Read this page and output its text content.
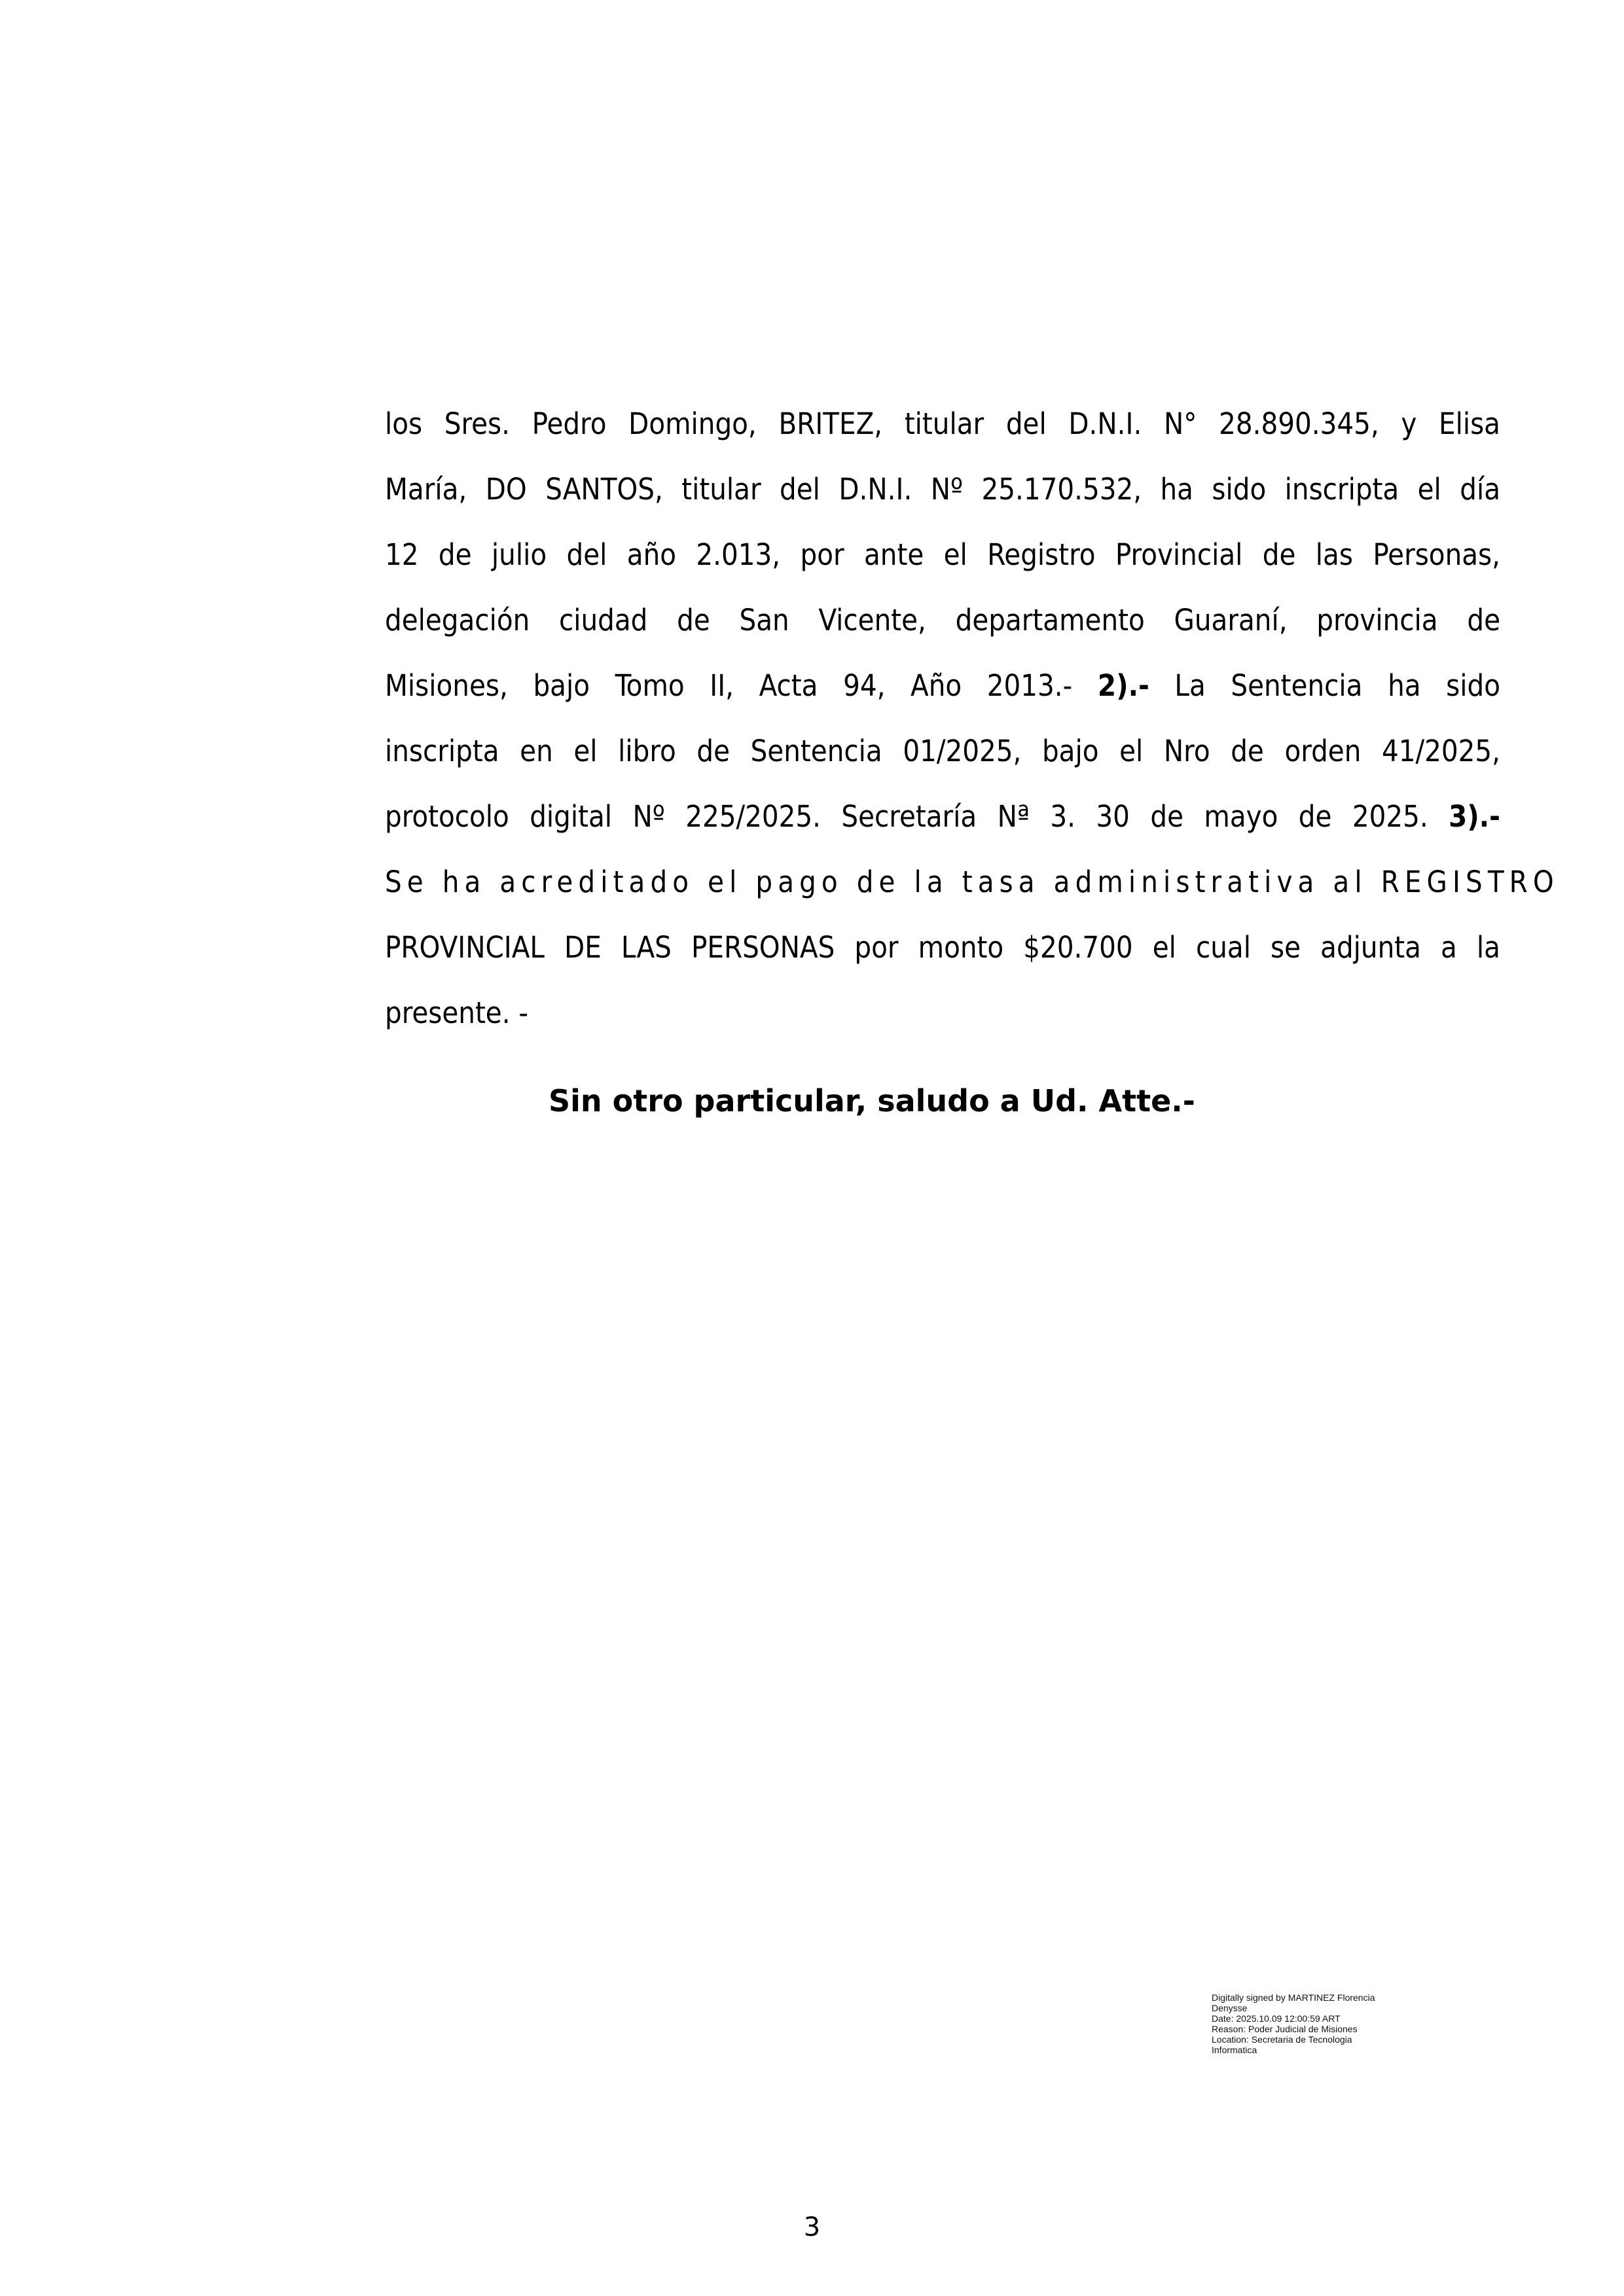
los Sres. Pedro Domingo, BRITEZ, titular del D.N.I. N° 28.890.345, y Elisa
María, DO SANTOS, titular del D.N.I. Nº 25.170.532, ha sido inscripta el día
12 de julio del año 2.013, por ante el Registro Provincial de las Personas,
delegación ciudad de San Vicente, departamento Guaraní, provincia de
Misiones, bajo Tomo II, Acta 94, Año 2013.- 2).- La Sentencia ha sido
inscripta en el libro de Sentencia 01/2025, bajo el Nro de orden 41/2025,
protocolo digital Nº 225/2025. Secretaría Nª 3. 30 de mayo de 2025. 3).-
Se ha acreditado el pago de la tasa administrativa al REGISTRO
PROVINCIAL DE LAS PERSONAS por monto $20.700 el cual se adjunta a la
presente. -

Sin otro particular, saludo a Ud. Atte.-

Digitally signed by MARTINEZ Florencia
Denysse
Date: 2025.10.09 12:00:59 ART
Reason: Poder Judicial de Misiones
Location: Secretaria de Tecnologia
Informatica
3
